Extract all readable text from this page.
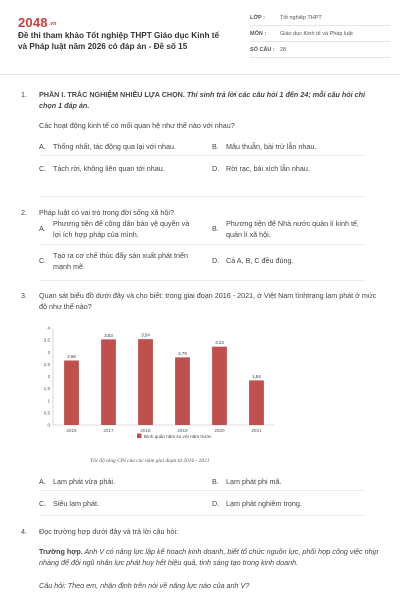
2048.vn
Đề thi tham khảo Tốt nghiệp THPT Giáo dục Kinh tế và Pháp luật năm 2026 có đáp án - Đề số 15
LỚP :	Tốt nghiệp THPT
MÔN :	Giáo dục Kinh tế và Pháp luật
SỐ CÂU : 28
1.	PHẦN I. TRẮC NGHIỆM NHIỀU LỰA CHỌN. Thí sinh trả lời các câu hỏi 1 đến 24; mỗi câu hỏi chỉ chọn 1 đáp án.
Các hoạt động kinh tế có mối quan hệ như thế nào với nhau?
A. Thống nhất, tác động qua lại với nhau.	B. Mâu thuẫn, bài trừ lẫn nhau.
C. Tách rời, không liên quan tới nhau.	D. Rời rạc, bài xích lẫn nhau.
2.	Pháp luật có vai trò trong đời sống xã hội?
A.
Phương tiện để công dân bảo vệ quyền và
lợi ích hợp pháp của mình.
B.
Phương tiện để Nhà nước quản lí kinh tế,
quản lí xã hội.
C.
Tạo ra cơ chế thúc đẩy sản xuất phát triển
mạnh mẽ.
D. Cả A, B, C đều đúng.
3.	Quan sát biểu đồ dưới đây và cho biết: trong giai đoạn 2016 - 2021, ở Việt Nam tìnhtrạng lạm phát ở mức độ như thế nào?
0
0,5
1
1,5
2
2,5
3
3,5
4
2,66
2016
3,53
2017
3,54
2018
2,79
2019
3,23
2020
1,84
2021
Bình quân năm so với năm trước
Tốc độ tăng CPI của các năm giai đoạn từ 2016 - 2021
A. Lạm phát vừa phải.	B. Lạm phát phi mã.
C. Siêu lạm phát.	D. Lạm phát nghiêm trọng.
4.	Đọc trường hợp dưới đây và trả lời câu hỏi:
Trường hợp. Anh V có năng lực lập kế hoạch kinh doanh, biết tổ chức nguồn lực, phối hợp công việc nhịp nhàng để đội ngũ nhân lực phát huy hết hiệu quả, tinh sáng tạo trong kinh doanh.
Câu hỏi: Theo em, nhận định trên nói về năng lực nào của anh V?
